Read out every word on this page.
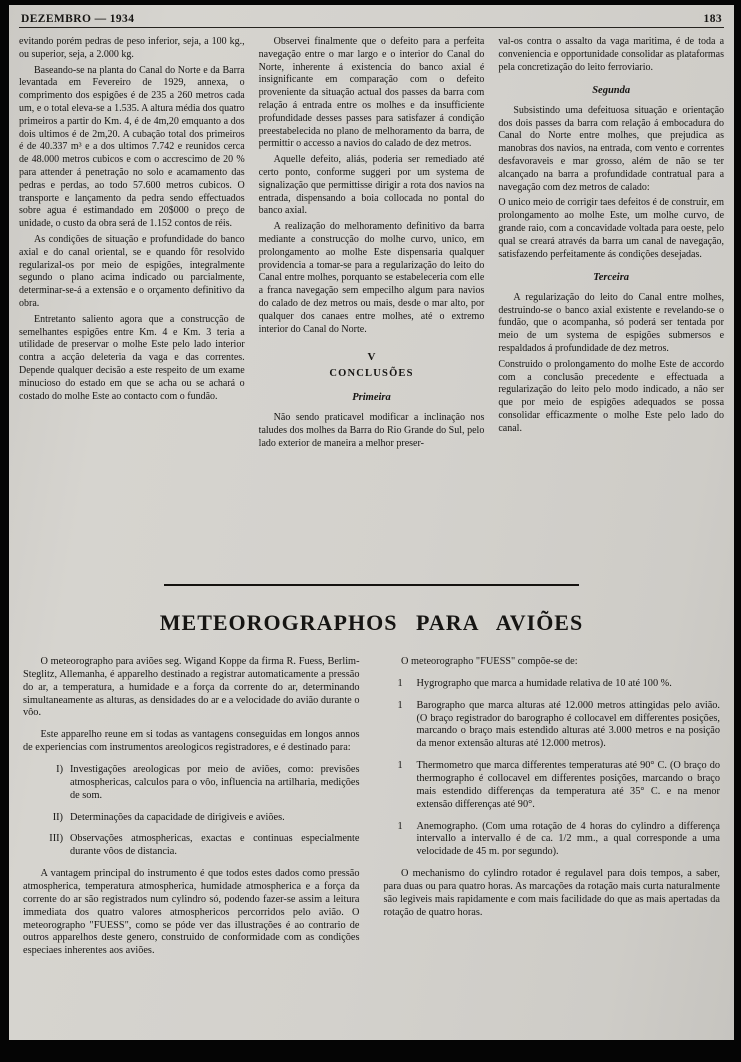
DEZEMBRO — 1934	183

evitando porém pedras de peso inferior, seja, a 100 kg., ou superior, seja, a 2.000 kg.

Baseando-se na planta do Canal do Norte e da Barra levantada em Fevereiro de 1929, annexa, o comprimento dos espigões é de 235 a 260 metros cada um, e o total eleva-se a 1.535. A altura média dos quatro primeiros a partir do Km. 4, é de 4m,20 emquanto a dos dois ultimos é de 2m,20. A cubação total dos primeiros é de 40.337 m³ e a dos ultimos 7.742 e reunidos cerca de 48.000 metros cubicos e com o accrescimo de 20 % para attender á penetração no solo e acamamento das pedras e perdas, ao todo 57.600 metros cubicos. O transporte e lançamento da pedra sendo effectuados sobre agua é estimandado em 20$000 o preço de unidade, o custo da obra será de 1.152 contos de réis.

As condições de situação e profundidade do banco axial e do canal oriental, se e quando fôr resolvido regularizal-os por meio de espigões, integralmente segundo o plano acima indicado ou parcialmente, determinar-se-á a extensão e o orçamento definitivo da obra.

Entretanto saliento agora que a construcção de semelhantes espigões entre Km. 4 e Km. 3 teria a utilidade de preservar o molhe Este pelo lado interior contra a acção deleteria da vaga e das correntes. Depende qualquer decisão a este respeito de um exame minucioso do estado em que se acha ou se achará o costado do molhe Este ao contacto com o fundão.

Observei finalmente que o defeito para a perfeita navegação entre o mar largo e o interior do Canal do Norte, inherente á existencia do banco axial é insignificante em comparação com o defeito proveniente da situação actual dos passes da barra com relação á entrada entre os molhes e da insufficiente profundidade desses passes para satisfazer á condição preestabelecida no plano de melhoramento da barra, de permittir o accesso a navios do calado de dez metros.

Aquelle defeito, aliás, poderia ser remediado até certo ponto, conforme suggeri por um systema de signalização que permittisse dirigir a rota dos navios na entrada, dispensando a boia collocada no pontal do banco axial.

A realização do melhoramento definitivo da barra mediante a construcção do molhe curvo, unico, em prolongamento ao molhe Este dispensaria qualquer providencia a tomar-se para a regularização do leito do Canal entre molhes, porquanto se estabeleceria com elle a franca navegação sem empecilho algum para navios do calado de dez metros ou mais, desde o mar alto, por qualquer dos canaes entre molhes, até o extremo interior do Canal do Norte.

V
CONCLUSÕES
Primeira

Não sendo praticavel modificar a inclinação nos taludes dos molhes da Barra do Rio Grande do Sul, pelo lado exterior de maneira a melhor preser-

val-os contra o assalto da vaga maritima, é de toda a conveniencia e opportunidade consolidar as plataformas pela concretização do leito ferroviario.

Segunda

Subsistindo uma defeituosa situação e orientação dos dois passes da barra com relação á embocadura do Canal do Norte entre molhes, que prejudica as manobras dos navios, na entrada, com vento e correntes desfavoraveis e mar grosso, além de não se ter alcançado na barra a profundidade contratual para a navegação com dez metros de calado:

O unico meio de corrigir taes defeitos é de construir, em prolongamento ao molhe Este, um molhe curvo, de grande raio, com a concavidade voltada para oeste, pelo qual se creará através da barra um canal de navegação, satisfazendo perfeitamente ás condições desejadas.

Terceira

A regularização do leito do Canal entre molhes, destruindo-se o banco axial existente e revelando-se o fundão, que o acompanha, só poderá ser tentada por meio de um systema de espigões submersos e respaldados á profundidade de dez metros.

Construido o prolongamento do molhe Este de accordo com a conclusão precedente e effectuada a regularização do leito pelo modo indicado, a não ser que por meio de espigões adequados se possa consolidar efficazmente o molhe Este pelo lado do canal.

METEOROGRAPHOS PARA AVIÕES

O meteorographo para aviões seg. Wigand Koppe da firma R. Fuess, Berlim-Steglitz, Allemanha, é apparelho destinado a registrar automaticamente a pressão do ar, a temperatura, a humidade e a força da corrente do ar, determinando simultaneamente as alturas, as densidades do ar e a velocidade do avião durante o vôo.

Este apparelho reune em si todas as vantagens conseguidas em longos annos de experiencias com instrumentos areologicos registradores, e é destinado para:

I) Investigações areologicas por meio de aviões, como: previsões atmosphericas, calculos para o vôo, influencia na artilharia, medições de som.
II) Determinações da capacidade de dirigiveis e aviões.
III) Observações atmosphericas, exactas e continuas especialmente durante vôos de distancia.

A vantagem principal do instrumento é que todos estes dados como pressão atmospherica, temperatura atmospherica, humidade atmospherica e a força da corrente do ar são registrados num cylindro só, podendo fazer-se assim a leitura immediata dos quatro valores atmosphericos percorridos pelo avião. O meteorographo "FUESS", como se póde ver das illustrações é ao contrario de outros apparelhos deste genero, construido de conformidade com as condições especiaes inherentes aos aviões.

O meteorographo "FUESS" compõe-se de:

1	Hygrographo que marca a humidade relativa de 10 até 100 %.
1	Barographo que marca alturas até 12.000 metros attingidas pelo avião. (O braço registrador do barographo é collocavel em differentes posições, marcando o braço mais estendido alturas até 3.000 metros e na posição da menor extensão alturas até 12.000 metros).
1	Thermometro que marca differentes temperaturas até 90° C. (O braço do thermographo é collocavel em differentes posições, marcando o braço mais estendido differenças da temperatura até 35° C. e na menor extensão differenças até 90°.
1	Anemographo. (Com uma rotação de 4 horas do cylindro a differença intervallo a intervallo é de ca. 1/2 mm., a qual corresponde a uma velocidade de 45 m. por segundo).

O mechanismo do cylindro rotador é regulavel para dois tempos, a saber, para duas ou para quatro horas. As marcações da rotação mais curta naturalmente são legiveis mais rapidamente e com mais facilidade do que as mais apertadas da rotação de quatro horas.
